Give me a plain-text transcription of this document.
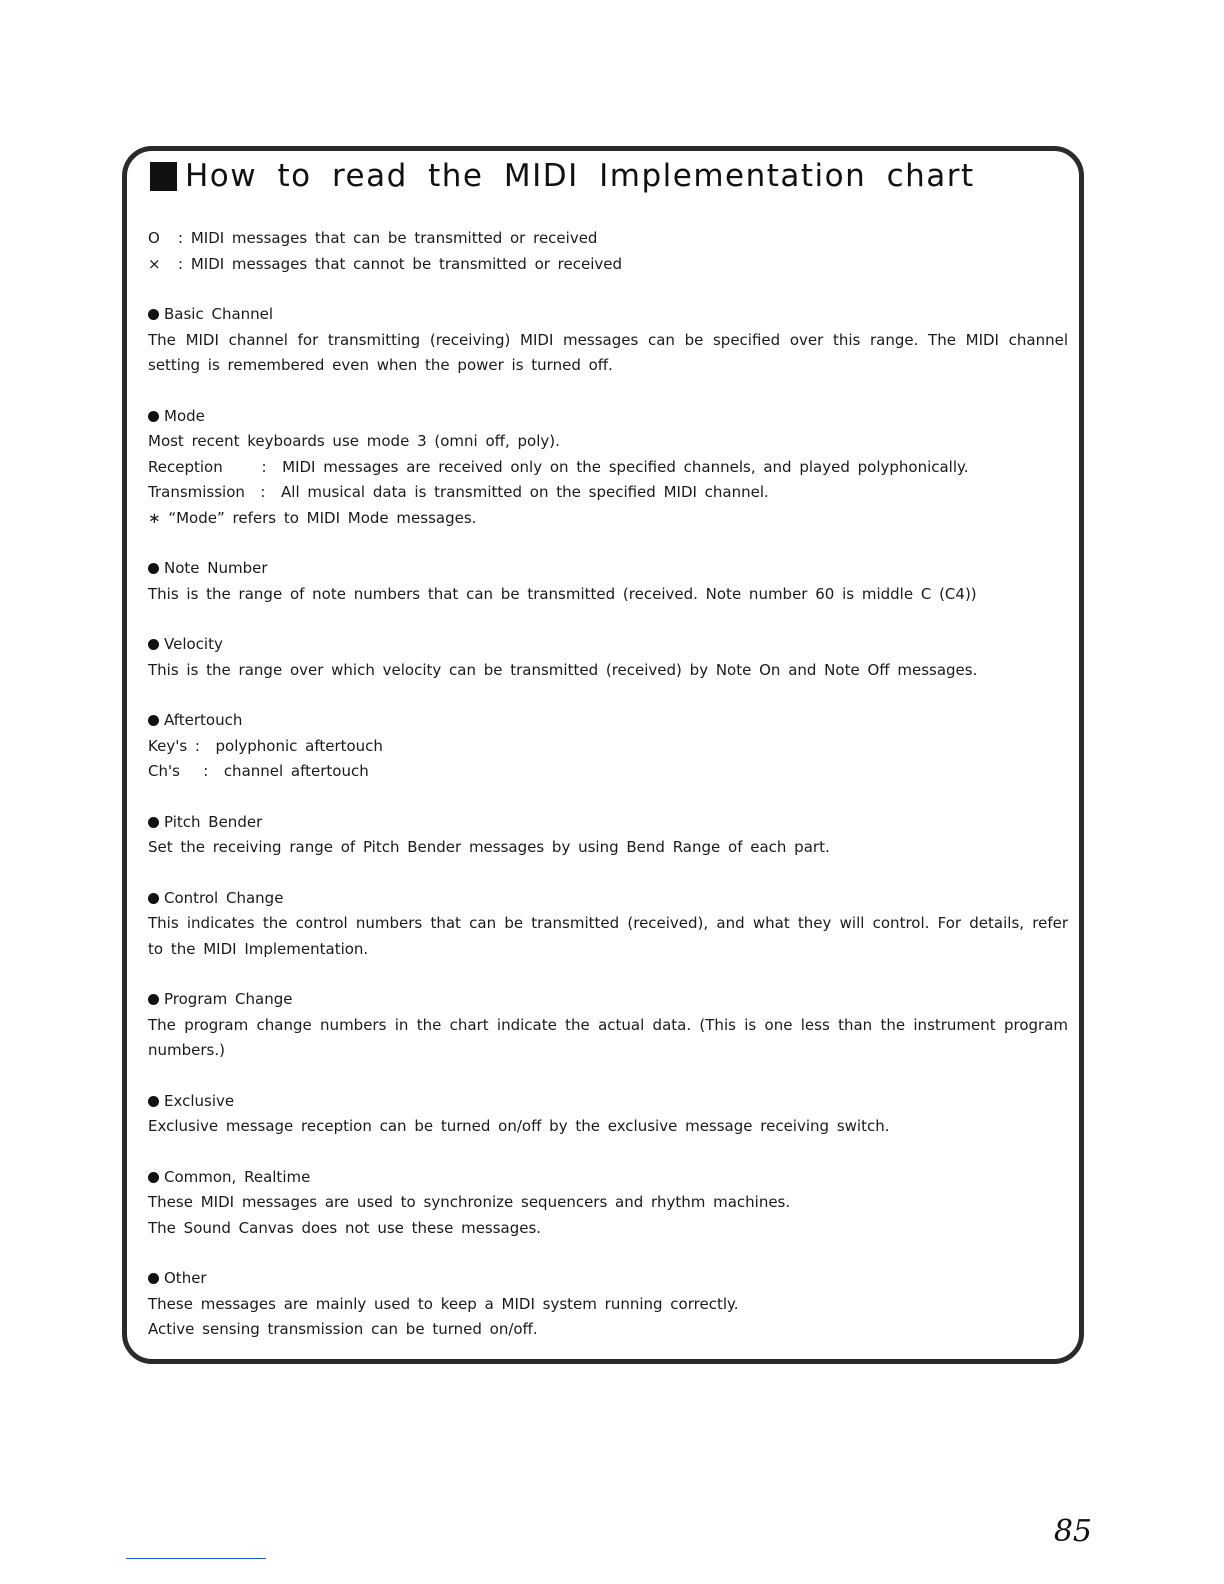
How to read the MIDI Implementation chart
O : MIDI messages that can be transmitted or received
× : MIDI messages that cannot be transmitted or received
Basic Channel
The MIDI channel for transmitting (receiving) MIDI messages can be specified over this range. The MIDI channel setting is remembered even when the power is turned off.
Mode
Most recent keyboards use mode 3 (omni off, poly).
Reception     :  MIDI messages are received only on the specified channels, and played polyphonically.
Transmission  :  All musical data is transmitted on the specified MIDI channel.
∗ “Mode” refers to MIDI Mode messages.
Note Number
This is the range of note numbers that can be transmitted (received. Note number 60 is middle C (C4))
Velocity
This is the range over which velocity can be transmitted (received) by Note On and Note Off messages.
Aftertouch
Key's :  polyphonic aftertouch
Ch's   :  channel aftertouch
Pitch Bender
Set the receiving range of Pitch Bender messages by using Bend Range of each part.
Control Change
This indicates the control numbers that can be transmitted (received), and what they will control. For details, refer to the MIDI Implementation.
Program Change
The program change numbers in the chart indicate the actual data. (This is one less than the instrument program numbers.)
Exclusive
Exclusive message reception can be turned on/off by the exclusive message receiving switch.
Common, Realtime
These MIDI messages are used to synchronize sequencers and rhythm machines.
The Sound Canvas does not use these messages.
Other
These messages are mainly used to keep a MIDI system running correctly.
Active sensing transmission can be turned on/off.
85
